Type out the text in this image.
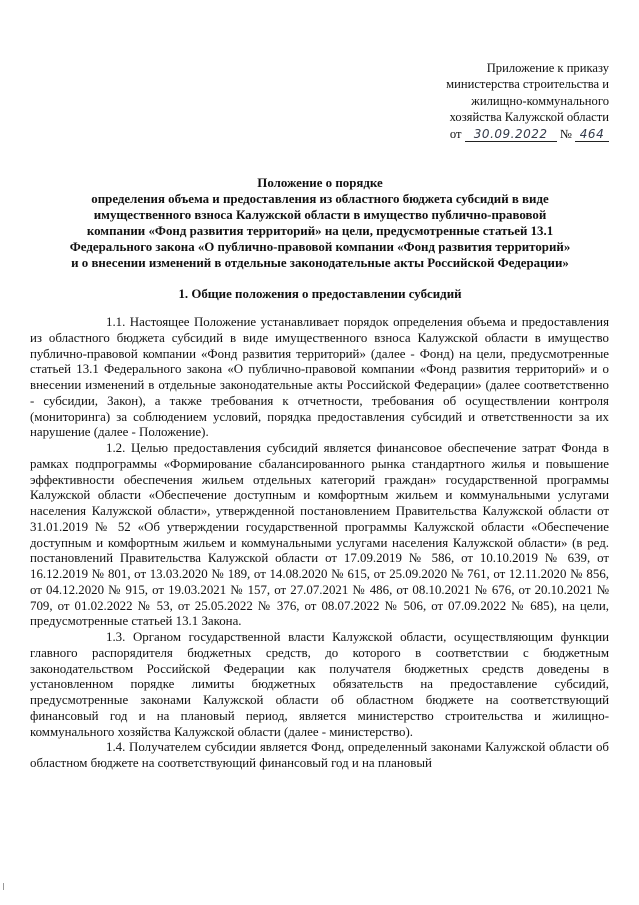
Приложение к приказу
министерства строительства и
жилищно-коммунального
хозяйства Калужской области
от 30.09.2022 № 464
Положение о порядке
определения объема и предоставления из областного бюджета субсидий в виде
имущественного взноса Калужской области в имущество публично-правовой
компании «Фонд развития территорий» на цели, предусмотренные статьей 13.1
Федерального закона «О публично-правовой компании «Фонд развития территорий»
и о внесении изменений в отдельные законодательные акты Российской Федерации»
1. Общие положения о предоставлении субсидий

1.1. Настоящее Положение устанавливает порядок определения объема и предоставления из областного бюджета субсидий в виде имущественного взноса Калужской области в имущество публично-правовой компании «Фонд развития территорий» (далее - Фонд) на цели, предусмотренные статьей 13.1 Федерального закона «О публично-правовой компании «Фонд развития территорий» и о внесении изменений в отдельные законодательные акты Российской Федерации» (далее соответственно - субсидии, Закон), а также требования к отчетности, требования об осуществлении контроля (мониторинга) за соблюдением условий, порядка предоставления субсидий и ответственности за их нарушение (далее - Положение).

1.2. Целью предоставления субсидий является финансовое обеспечение затрат Фонда в рамках подпрограммы «Формирование сбалансированного рынка стандартного жилья и повышение эффективности обеспечения жильем отдельных категорий граждан» государственной программы Калужской области «Обеспечение доступным и комфортным жильем и коммунальными услугами населения Калужской области», утвержденной постановлением Правительства Калужской области от 31.01.2019 № 52 «Об утверждении государственной программы Калужской области «Обеспечение доступным и комфортным жильем и коммунальными услугами населения Калужской области» (в ред. постановлений Правительства Калужской области от 17.09.2019 № 586, от 10.10.2019 № 639, от 16.12.2019 № 801, от 13.03.2020 № 189, от 14.08.2020 № 615, от 25.09.2020 № 761, от 12.11.2020 № 856, от 04.12.2020 № 915, от 19.03.2021 № 157, от 27.07.2021 № 486, от 08.10.2021 № 676, от 20.10.2021 № 709, от 01.02.2022 № 53, от 25.05.2022 № 376, от 08.07.2022 № 506, от 07.09.2022 № 685), на цели, предусмотренные статьей 13.1 Закона.

1.3. Органом государственной власти Калужской области, осуществляющим функции главного распорядителя бюджетных средств, до которого в соответствии с бюджетным законодательством Российской Федерации как получателя бюджетных средств доведены в установленном порядке лимиты бюджетных обязательств на предоставление субсидий, предусмотренные законами Калужской области об областном бюджете на соответствующий финансовый год и на плановый период, является министерство строительства и жилищно-коммунального хозяйства Калужской области (далее - министерство).

1.4. Получателем субсидии является Фонд, определенный законами Калужской области об областном бюджете на соответствующий финансовый год и на плановый
